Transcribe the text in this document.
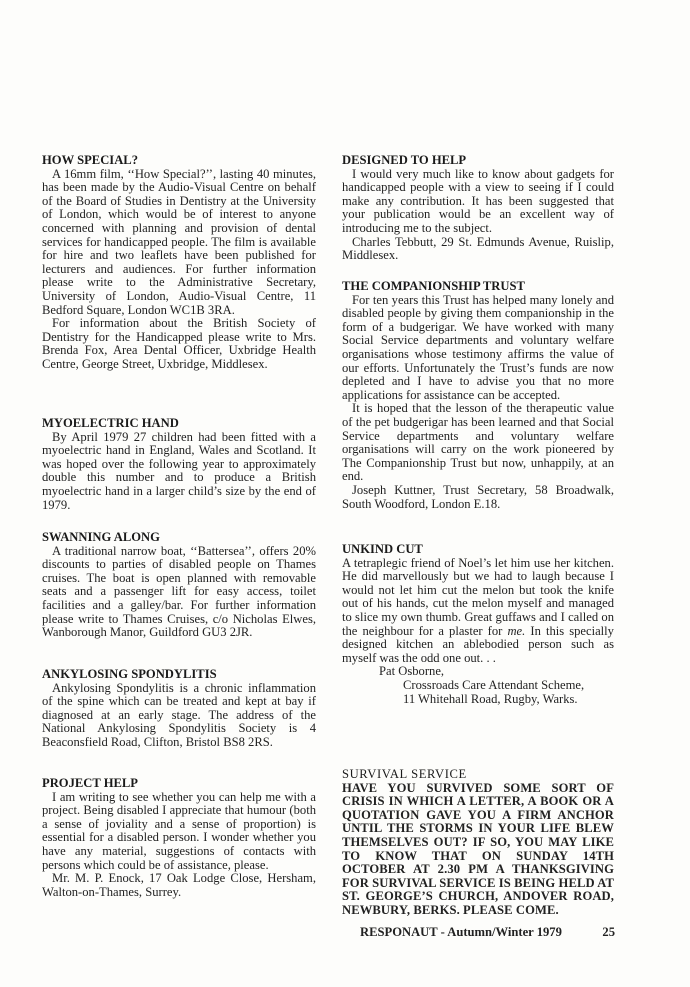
HOW SPECIAL?

A 16mm film, ‘‘How Special?’’, lasting 40 minutes, has been made by the Audio-Visual Centre on behalf of the Board of Studies in Dentistry at the University of London, which would be of interest to anyone concerned with planning and provision of dental services for handicapped people. The film is available for hire and two leaflets have been published for lecturers and audiences. For further information please write to the Administrative Secretary, University of London, Audio-Visual Centre, 11 Bedford Square, London WC1B 3RA.

For information about the British Society of Dentistry for the Handicapped please write to Mrs. Brenda Fox, Area Dental Officer, Uxbridge Health Centre, George Street, Uxbridge, Middlesex.

MYOELECTRIC HAND

By April 1979 27 children had been fitted with a myoelectric hand in England, Wales and Scotland. It was hoped over the following year to approximately double this number and to produce a British myoelectric hand in a larger child’s size by the end of 1979.

SWANNING ALONG

A traditional narrow boat, ‘‘Battersea’’, offers 20% discounts to parties of disabled people on Thames cruises. The boat is open planned with removable seats and a passenger lift for easy access, toilet facilities and a galley/bar. For further information please write to Thames Cruises, c/o Nicholas Elwes, Wanborough Manor, Guildford GU3 2JR.

ANKYLOSING SPONDYLITIS

Ankylosing Spondylitis is a chronic inflammation of the spine which can be treated and kept at bay if diagnosed at an early stage. The address of the National Ankylosing Spondylitis Society is 4 Beaconsfield Road, Clifton, Bristol BS8 2RS.

PROJECT HELP

I am writing to see whether you can help me with a project. Being disabled I appreciate that humour (both a sense of joviality and a sense of proportion) is essential for a disabled person. I wonder whether you have any material, suggestions of contacts with persons which could be of assistance, please.

Mr. M. P. Enock, 17 Oak Lodge Close, Hersham, Walton-on-Thames, Surrey.

DESIGNED TO HELP

I would very much like to know about gadgets for handicapped people with a view to seeing if I could make any contribution. It has been suggested that your publication would be an excellent way of introducing me to the subject.

Charles Tebbutt, 29 St. Edmunds Avenue, Ruislip, Middlesex.

THE COMPANIONSHIP TRUST

For ten years this Trust has helped many lonely and disabled people by giving them companionship in the form of a budgerigar. We have worked with many Social Service departments and voluntary welfare organisations whose testimony affirms the value of our efforts. Unfortunately the Trust’s funds are now depleted and I have to advise you that no more applications for assistance can be accepted.

It is hoped that the lesson of the therapeutic value of the pet budgerigar has been learned and that Social Service departments and voluntary welfare organisations will carry on the work pioneered by The Companionship Trust but now, unhappily, at an end.

Joseph Kuttner, Trust Secretary, 58 Broadwalk, South Woodford, London E.18.

UNKIND CUT

A tetraplegic friend of Noel’s let him use her kitchen. He did marvellously but we had to laugh because I would not let him cut the melon but took the knife out of his hands, cut the melon myself and managed to slice my own thumb. Great guffaws and I called on the neighbour for a plaster for me. In this specially designed kitchen an ablebodied person such as myself was the odd one out. . .

Pat Osborne,

Crossroads Care Attendant Scheme,

11 Whitehall Road, Rugby, Warks.

SURVIVAL SERVICE

HAVE YOU SURVIVED SOME SORT OF CRISIS IN WHICH A LETTER, A BOOK OR A QUOTATION GAVE YOU A FIRM ANCHOR UNTIL THE STORMS IN YOUR LIFE BLEW THEMSELVES OUT? IF SO, YOU MAY LIKE TO KNOW THAT ON SUNDAY 14TH OCTOBER AT 2.30 PM A THANKSGIVING FOR SURVIVAL SERVICE IS BEING HELD AT ST. GEORGE’S CHURCH, ANDOVER ROAD, NEWBURY, BERKS. PLEASE COME.

RESPONAUT - Autumn/Winter 1979	25
